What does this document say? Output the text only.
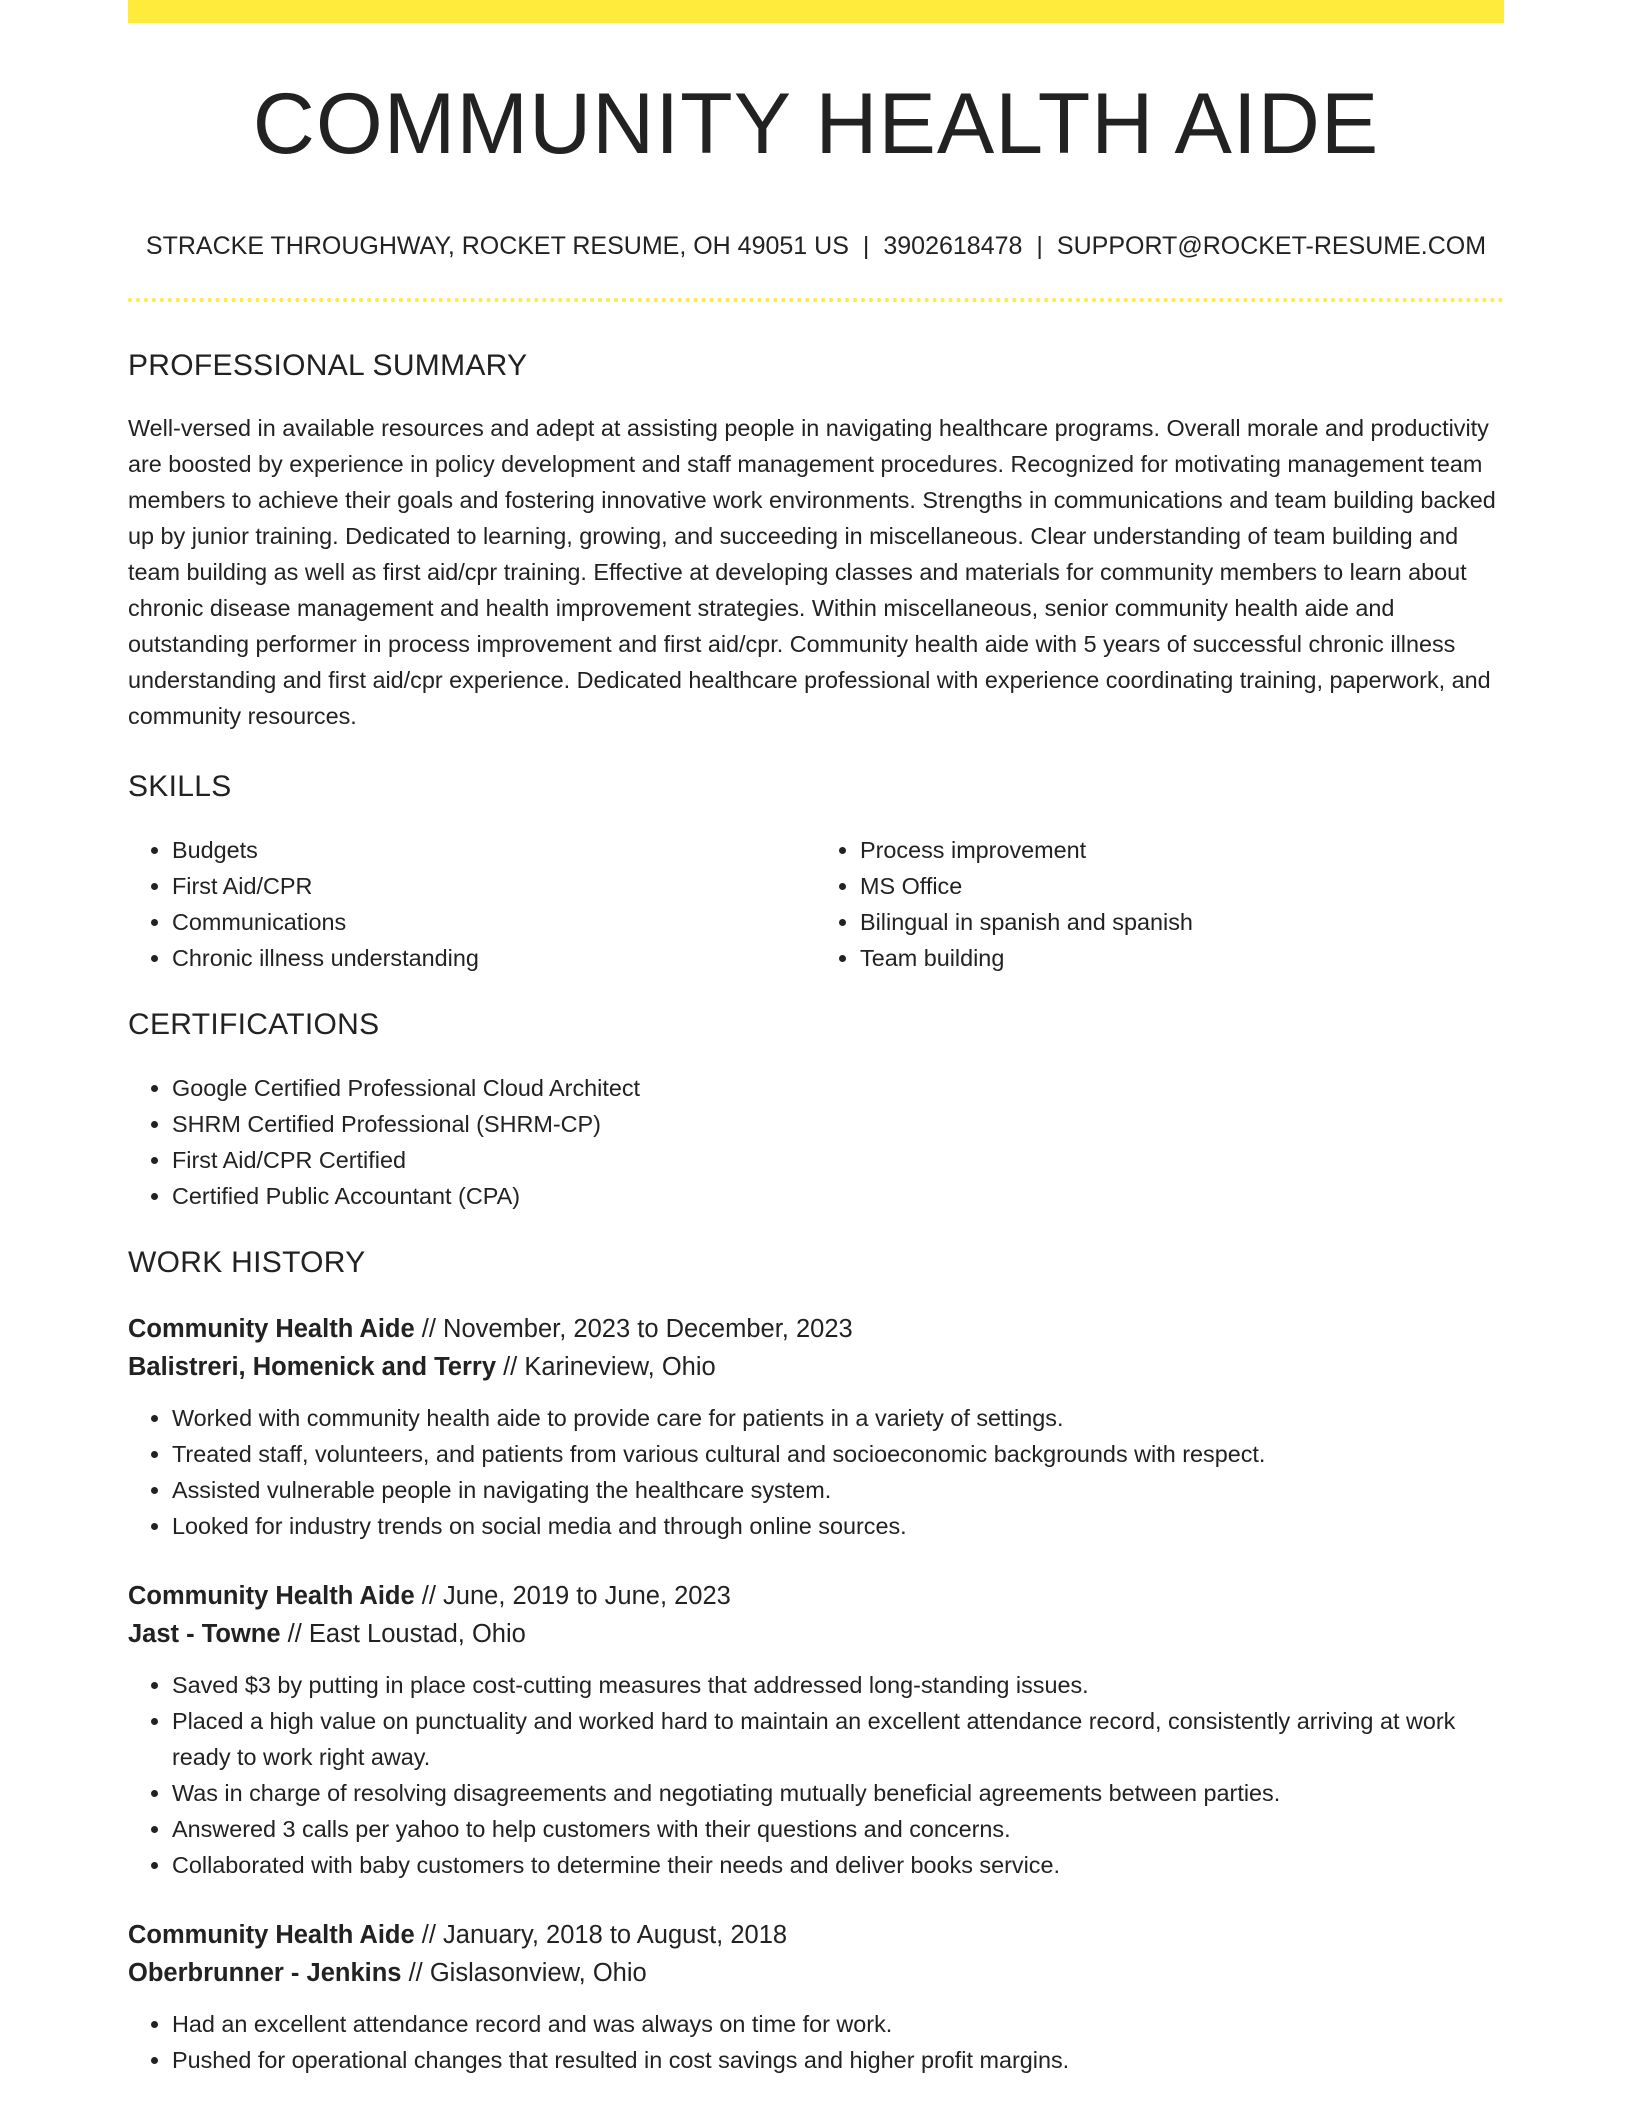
COMMUNITY HEALTH AIDE
STRACKE THROUGHWAY, ROCKET RESUME, OH 49051 US | 3902618478 | SUPPORT@ROCKET-RESUME.COM
PROFESSIONAL SUMMARY

Well-versed in available resources and adept at assisting people in navigating healthcare programs. Overall morale and productivity are boosted by experience in policy development and staff management procedures. Recognized for motivating management team members to achieve their goals and fostering innovative work environments. Strengths in communications and team building backed up by junior training. Dedicated to learning, growing, and succeeding in miscellaneous. Clear understanding of team building and team building as well as first aid/cpr training. Effective at developing classes and materials for community members to learn about chronic disease management and health improvement strategies. Within miscellaneous, senior community health aide and outstanding performer in process improvement and first aid/cpr. Community health aide with 5 years of successful chronic illness understanding and first aid/cpr experience. Dedicated healthcare professional with experience coordinating training, paperwork, and community resources.

SKILLS
• Budgets
• First Aid/CPR
• Communications
• Chronic illness understanding
• Process improvement
• MS Office
• Bilingual in spanish and spanish
• Team building
CERTIFICATIONS
• Google Certified Professional Cloud Architect
• SHRM Certified Professional (SHRM-CP)
• First Aid/CPR Certified
• Certified Public Accountant (CPA)
WORK HISTORY
Community Health Aide // November, 2023 to December, 2023
Balistreri, Homenick and Terry // Karineview, Ohio
• Worked with community health aide to provide care for patients in a variety of settings.
• Treated staff, volunteers, and patients from various cultural and socioeconomic backgrounds with respect.
• Assisted vulnerable people in navigating the healthcare system.
• Looked for industry trends on social media and through online sources.
Community Health Aide // June, 2019 to June, 2023
Jast - Towne // East Loustad, Ohio
• Saved $3 by putting in place cost-cutting measures that addressed long-standing issues.
• Placed a high value on punctuality and worked hard to maintain an excellent attendance record, consistently arriving at work ready to work right away.
• Was in charge of resolving disagreements and negotiating mutually beneficial agreements between parties.
• Answered 3 calls per yahoo to help customers with their questions and concerns.
• Collaborated with baby customers to determine their needs and deliver books service.
Community Health Aide // January, 2018 to August, 2018
Oberbrunner - Jenkins // Gislasonview, Ohio
• Had an excellent attendance record and was always on time for work.
• Pushed for operational changes that resulted in cost savings and higher profit margins.
